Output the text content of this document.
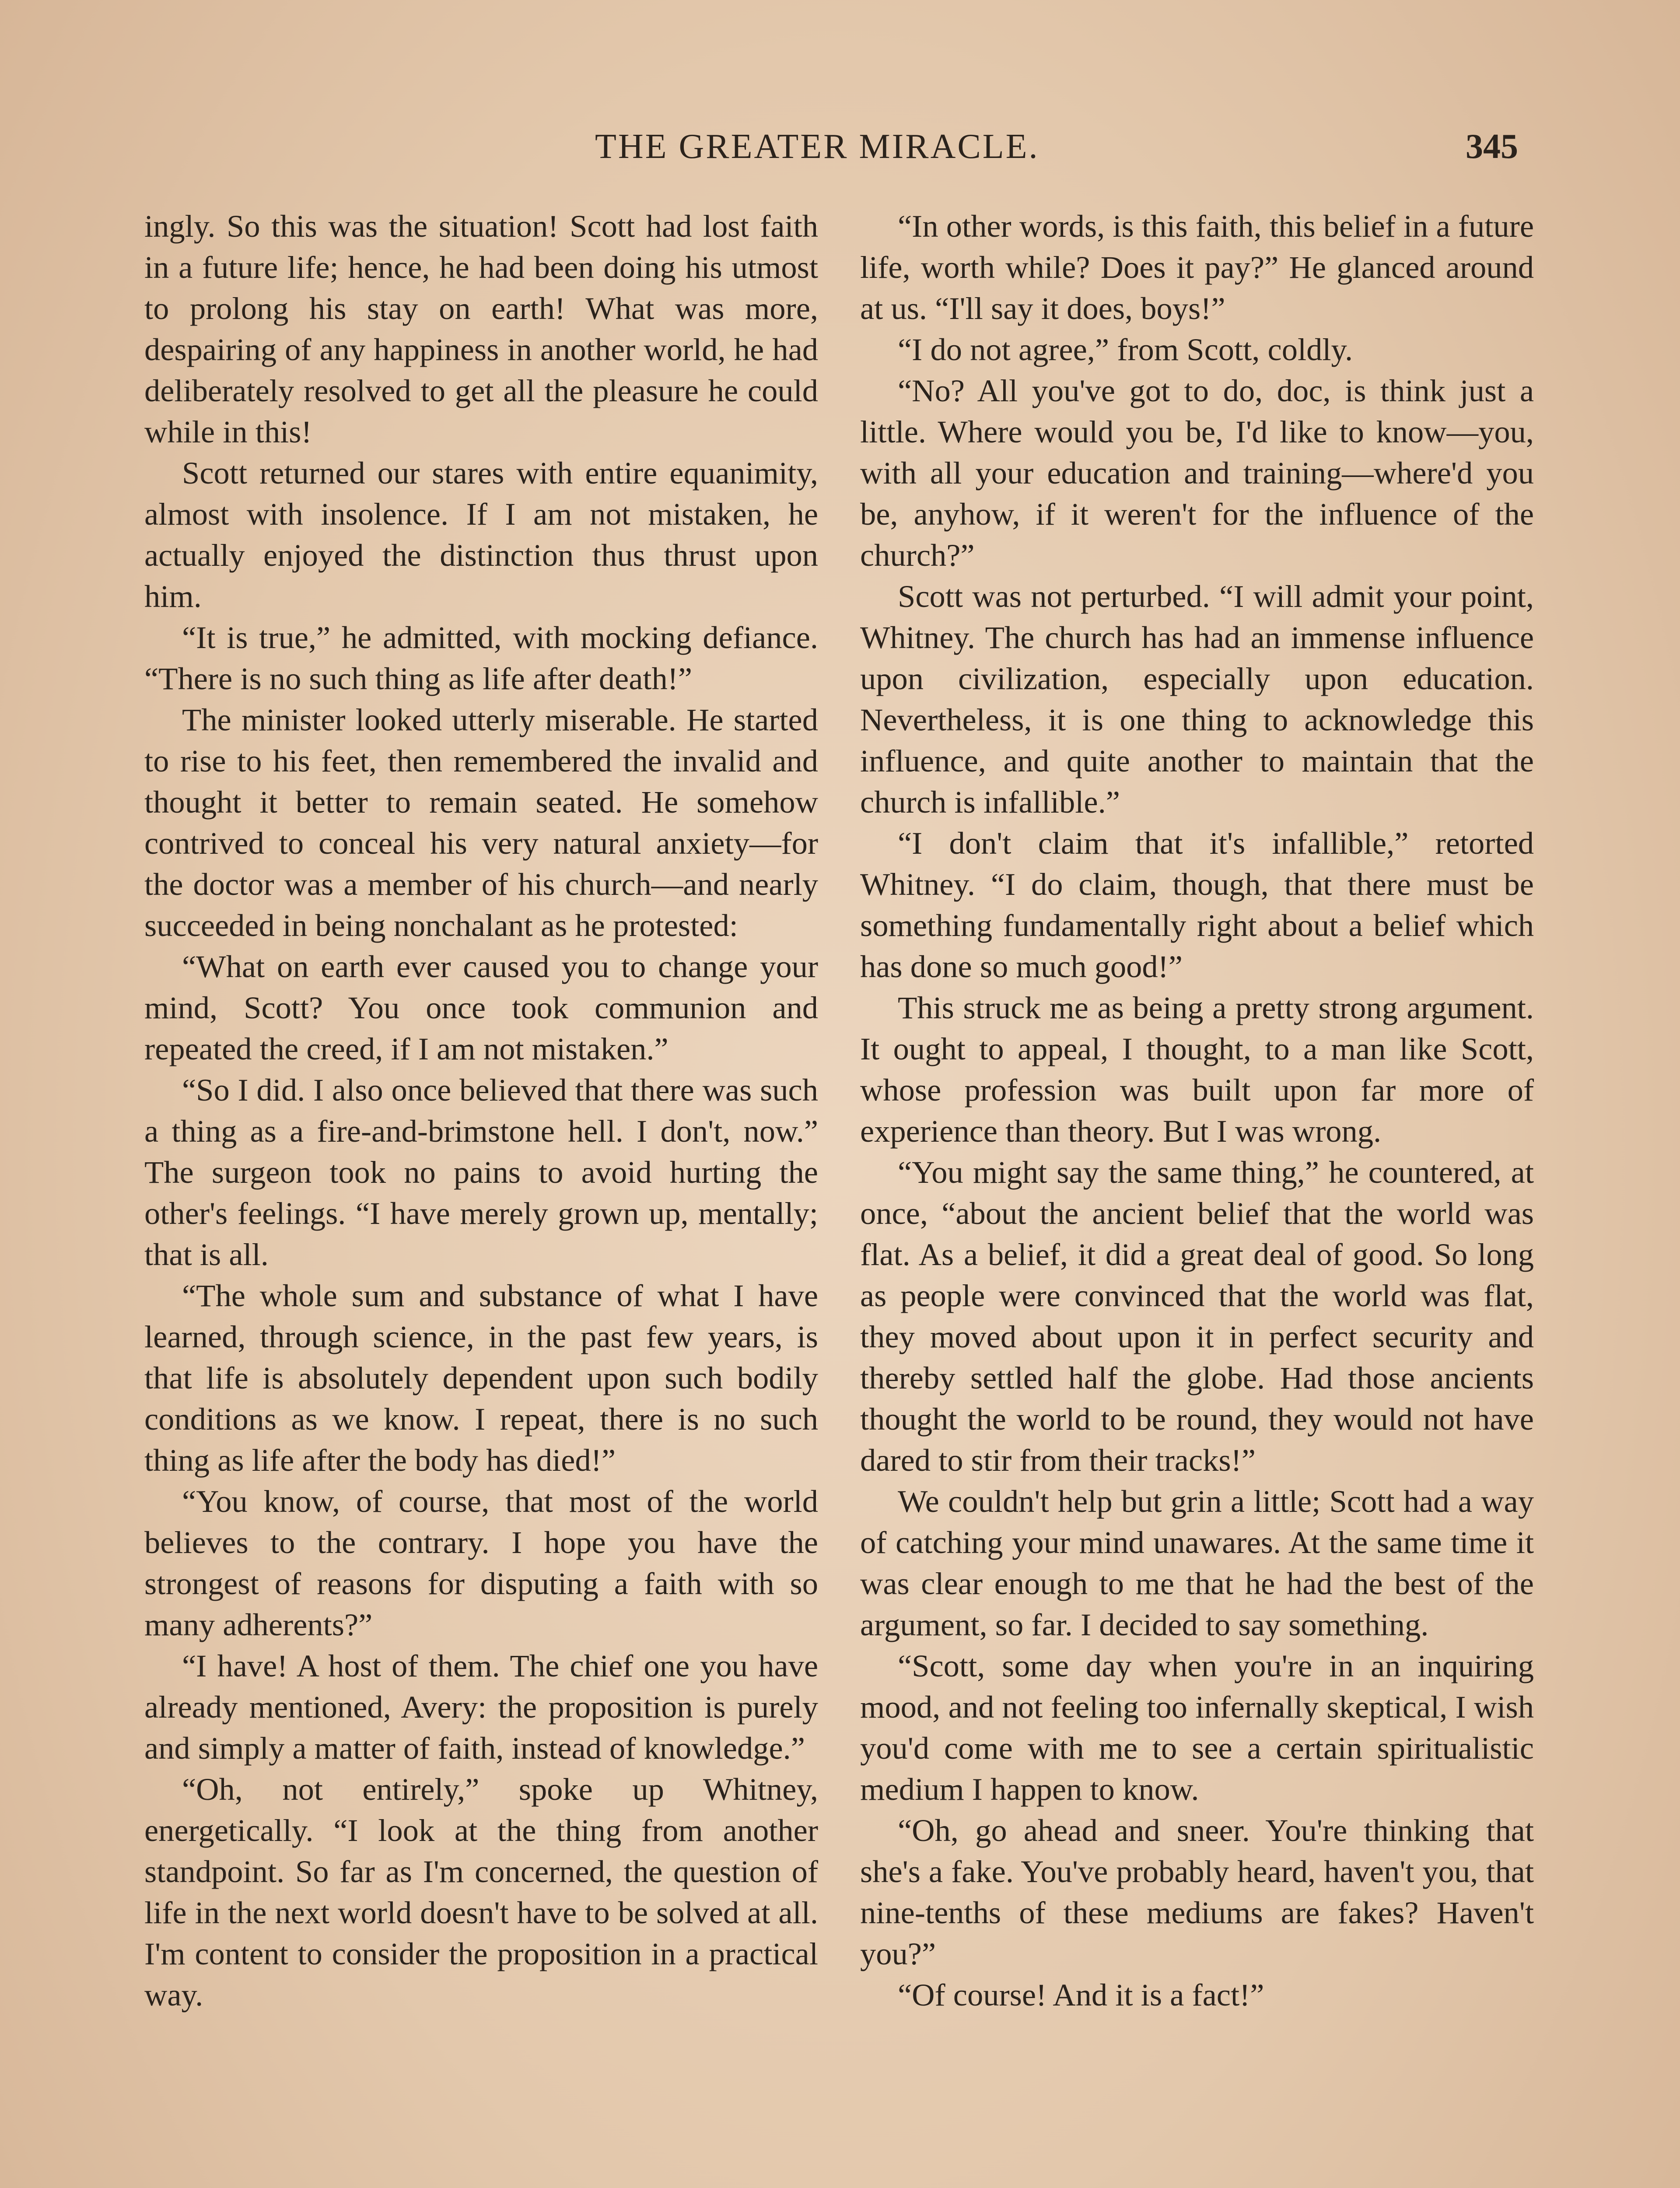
THE GREATER MIRACLE.	345

ingly. So this was the situation! Scott had lost faith in a future life; hence, he had been doing his utmost to prolong his stay on earth! What was more, despairing of any happiness in another world, he had deliberately resolved to get all the pleasure he could while in this!

Scott returned our stares with entire equanimity, almost with insolence. If I am not mistaken, he actually enjoyed the distinction thus thrust upon him.

“It is true,” he admitted, with mocking defiance. “There is no such thing as life after death!”

The minister looked utterly miserable. He started to rise to his feet, then remembered the invalid and thought it better to remain seated. He somehow contrived to conceal his very natural anxiety—for the doctor was a member of his church—and nearly succeeded in being nonchalant as he protested:

“What on earth ever caused you to change your mind, Scott? You once took communion and repeated the creed, if I am not mistaken.”

“So I did. I also once believed that there was such a thing as a fire-and-brimstone hell. I don't, now.” The surgeon took no pains to avoid hurting the other's feelings. “I have merely grown up, mentally; that is all.

“The whole sum and substance of what I have learned, through science, in the past few years, is that life is absolutely dependent upon such bodily conditions as we know. I repeat, there is no such thing as life after the body has died!”

“You know, of course, that most of the world believes to the contrary. I hope you have the strongest of reasons for disputing a faith with so many adherents?”

“I have! A host of them. The chief one you have already mentioned, Avery: the proposition is purely and simply a matter of faith, instead of knowledge.”

“Oh, not entirely,” spoke up Whitney, energetically. “I look at the thing from another standpoint. So far as I'm concerned, the question of life in the next world doesn't have to be solved at all. I'm content to consider the proposition in a practical way.

“In other words, is this faith, this belief in a future life, worth while? Does it pay?” He glanced around at us. “I'll say it does, boys!”

“I do not agree,” from Scott, coldly.

“No? All you've got to do, doc, is think just a little. Where would you be, I'd like to know—you, with all your education and training—where'd you be, anyhow, if it weren't for the influence of the church?”

Scott was not perturbed. “I will admit your point, Whitney. The church has had an immense influence upon civilization, especially upon education. Nevertheless, it is one thing to acknowledge this influence, and quite another to maintain that the church is infallible.”

“I don't claim that it's infallible,” retorted Whitney. “I do claim, though, that there must be something fundamentally right about a belief which has done so much good!”

This struck me as being a pretty strong argument. It ought to appeal, I thought, to a man like Scott, whose profession was built upon far more of experience than theory. But I was wrong.

“You might say the same thing,” he countered, at once, “about the ancient belief that the world was flat. As a belief, it did a great deal of good. So long as people were convinced that the world was flat, they moved about upon it in perfect security and thereby settled half the globe. Had those ancients thought the world to be round, they would not have dared to stir from their tracks!”

We couldn't help but grin a little; Scott had a way of catching your mind unawares. At the same time it was clear enough to me that he had the best of the argument, so far. I decided to say something.

“Scott, some day when you're in an inquiring mood, and not feeling too infernally skeptical, I wish you'd come with me to see a certain spiritualistic medium I happen to know.

“Oh, go ahead and sneer. You're thinking that she's a fake. You've probably heard, haven't you, that nine-tenths of these mediums are fakes? Haven't you?”

“Of course! And it is a fact!”
